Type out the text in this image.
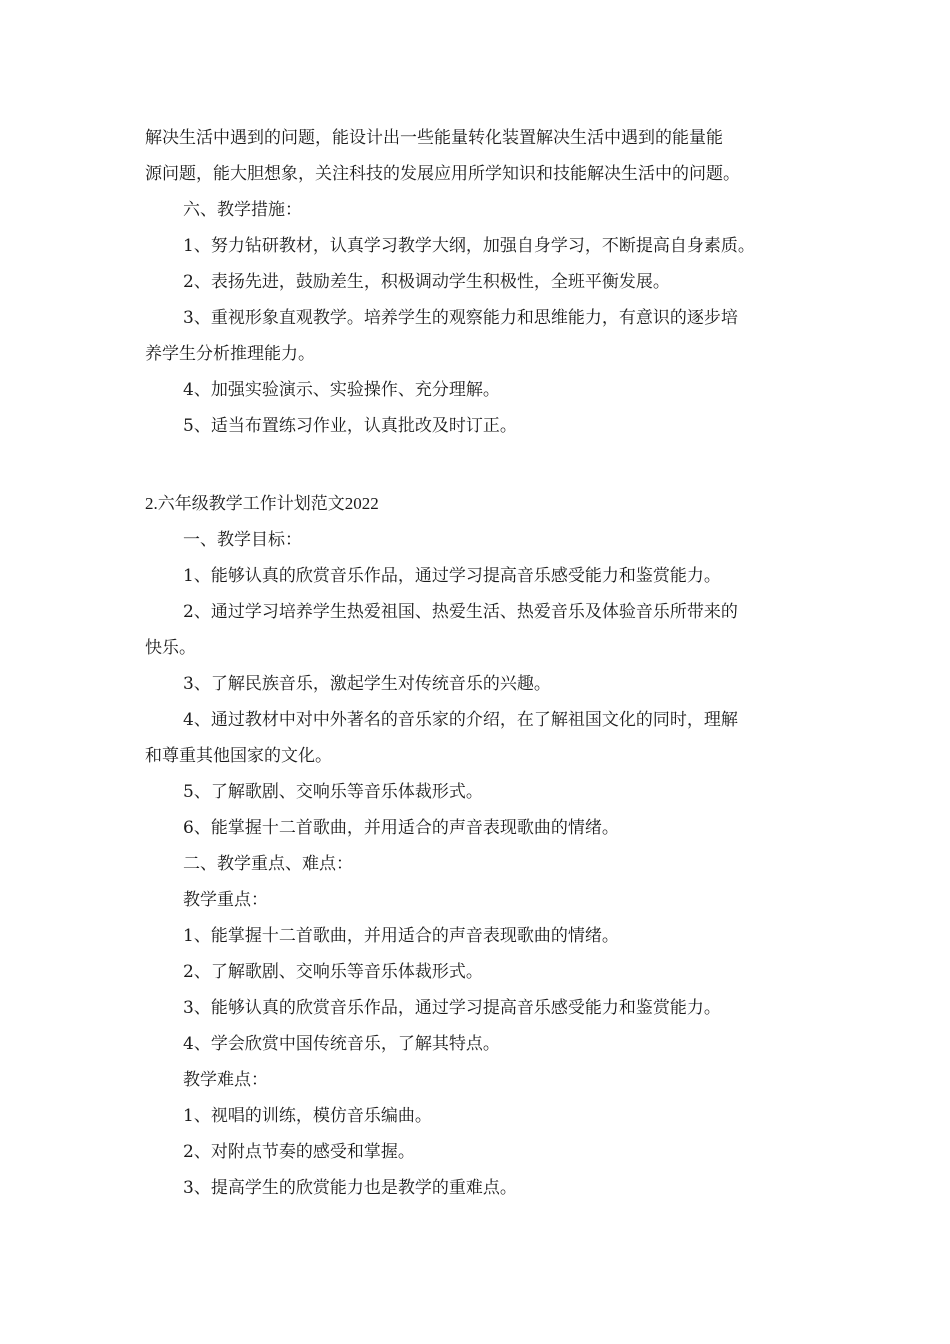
解决生活中遇到的问题，能设计出一些能量转化装置解决生活中遇到的能量能

源问题，能大胆想象，关注科技的发展应用所学知识和技能解决生活中的问题。

六、教学措施：

1、努力钻研教材，认真学习教学大纲，加强自身学习，不断提高自身素质。

2、表扬先进，鼓励差生，积极调动学生积极性，全班平衡发展。

3、重视形象直观教学。培养学生的观察能力和思维能力，有意识的逐步培

养学生分析推理能力。

4、加强实验演示、实验操作、充分理解。

5、适当布置练习作业，认真批改及时订正。

2.六年级教学工作计划范文2022

一、教学目标：

1、能够认真的欣赏音乐作品，通过学习提高音乐感受能力和鉴赏能力。

2、通过学习培养学生热爱祖国、热爱生活、热爱音乐及体验音乐所带来的

快乐。

3、了解民族音乐，激起学生对传统音乐的兴趣。

4、通过教材中对中外著名的音乐家的介绍，在了解祖国文化的同时，理解

和尊重其他国家的文化。

5、了解歌剧、交响乐等音乐体裁形式。

6、能掌握十二首歌曲，并用适合的声音表现歌曲的情绪。

二、教学重点、难点：

教学重点：

1、能掌握十二首歌曲，并用适合的声音表现歌曲的情绪。

2、了解歌剧、交响乐等音乐体裁形式。

3、能够认真的欣赏音乐作品，通过学习提高音乐感受能力和鉴赏能力。

4、学会欣赏中国传统音乐，了解其特点。

教学难点：

1、视唱的训练，模仿音乐编曲。

2、对附点节奏的感受和掌握。

3、提高学生的欣赏能力也是教学的重难点。
